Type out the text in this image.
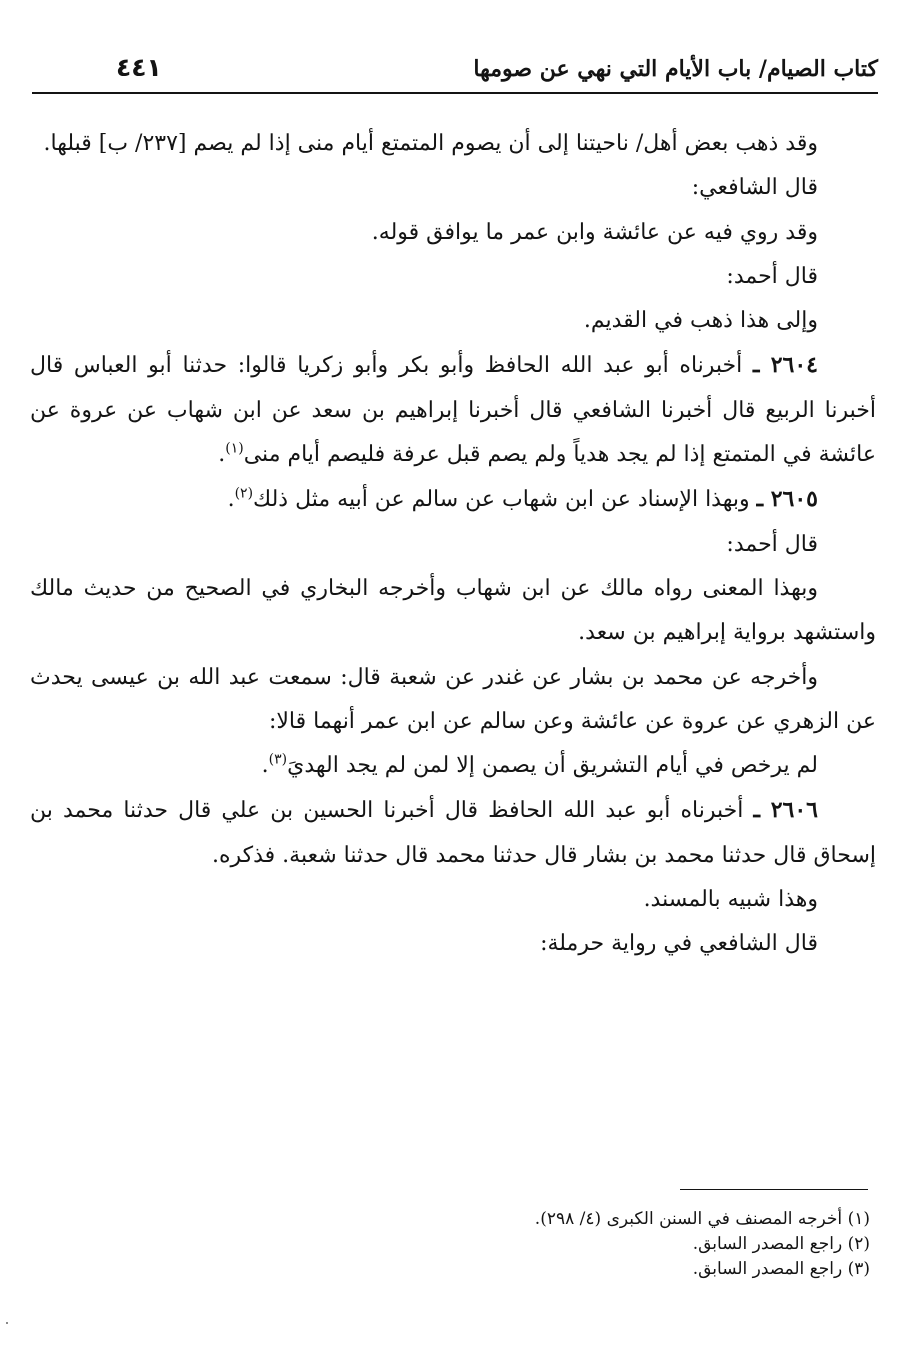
كتاب الصيام/ باب الأيام التي نهي عن صومها
٤٤١

وقد ذهب بعض أهل/ ناحيتنا إلى أن يصوم المتمتع أيام منى إذا لم يصم [٢٣٧/ ب] قبلها.

قال الشافعي:

وقد روي فيه عن عائشة وابن عمر ما يوافق قوله.

قال أحمد:

وإلى هذا ذهب في القديم.

٢٦٠٤ ـ أخبرناه أبو عبد الله الحافظ وأبو بكر وأبو زكريا قالوا: حدثنا أبو العباس قال أخبرنا الربيع قال أخبرنا الشافعي قال أخبرنا إبراهيم بن سعد عن ابن شهاب عن عروة عن عائشة في المتمتع إذا لم يجد هدياً ولم يصم قبل عرفة فليصم أيام منى$^{(١)}$.

٢٦٠٥ ـ وبهذا الإسناد عن ابن شهاب عن سالم عن أبيه مثل ذلك$^{(٢)}$.

قال أحمد:

وبهذا المعنى رواه مالك عن ابن شهاب وأخرجه البخاري في الصحيح من حديث مالك واستشهد برواية إبراهيم بن سعد.

وأخرجه عن محمد بن بشار عن غندر عن شعبة قال: سمعت عبد الله بن عيسى يحدث عن الزهري عن عروة عن عائشة وعن سالم عن ابن عمر أنهما قالا:

لم يرخص في أيام التشريق أن يصمن إلا لمن لم يجد الهديَ$^{(٣)}$.

٢٦٠٦ ـ أخبرناه أبو عبد الله الحافظ قال أخبرنا الحسين بن علي قال حدثنا محمد بن إسحاق قال حدثنا محمد بن بشار قال حدثنا محمد قال حدثنا شعبة. فذكره.

وهذا شبيه بالمسند.

قال الشافعي في رواية حرملة:

(١) أخرجه المصنف في السنن الكبرى (٤/ ٢٩٨).

(٢) راجع المصدر السابق.

(٣) راجع المصدر السابق.
